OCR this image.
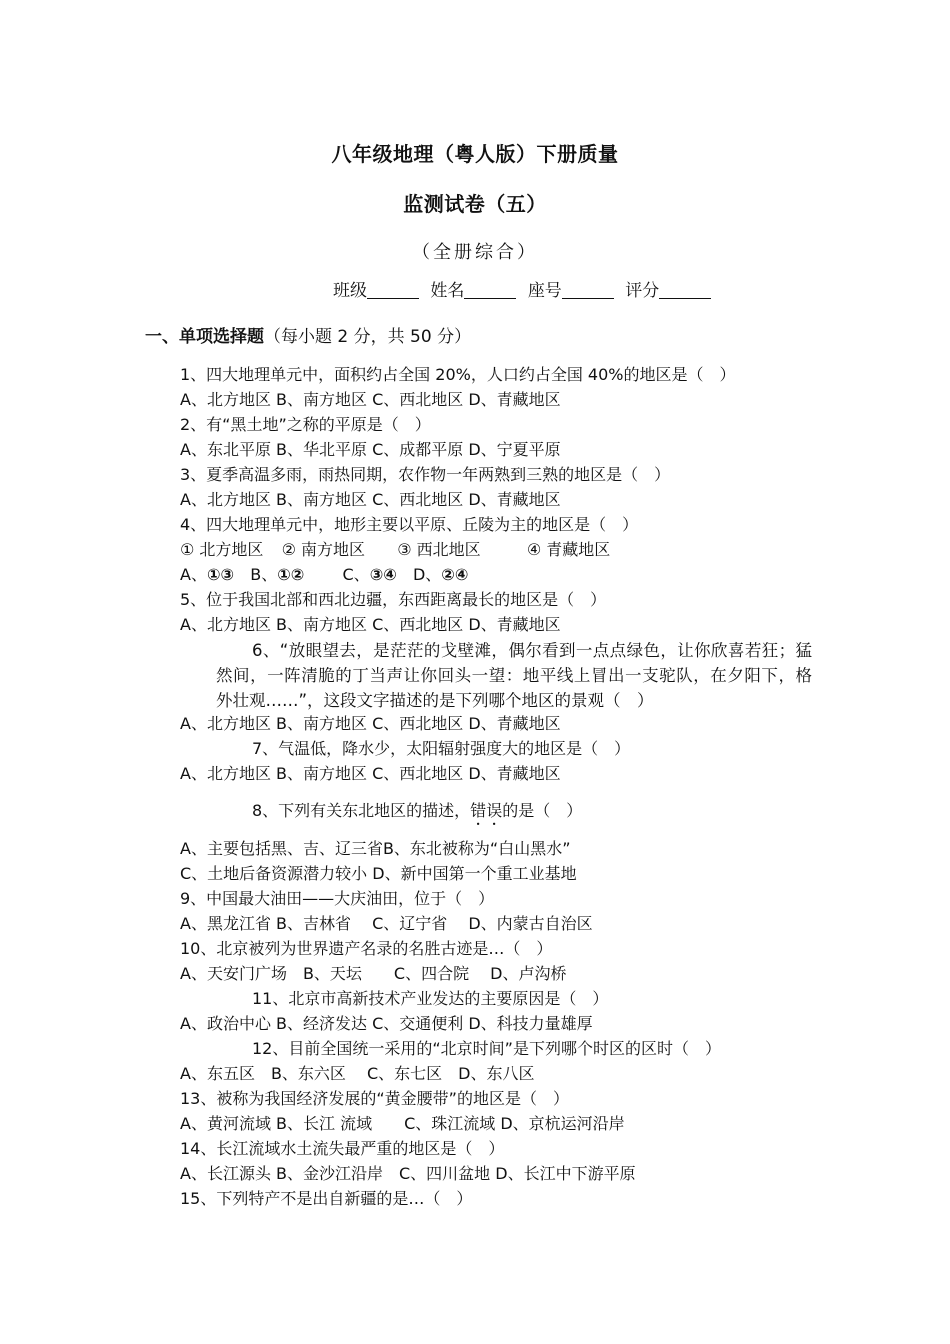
八年级地理（粤人版）下册质量
监测试卷（五）
（全册综合）
班级	姓名	座号	评分
一、单项选择题（每小题 2 分，共 50 分）
1、四大地理单元中，面积约占全国 20%，人口约占全国 40%的地区是（　）
A、北方地区 B、南方地区 C、西北地区 D、青藏地区
2、有“黑土地”之称的平原是（　）
A、东北平原 B、华北平原 C、成都平原 D、宁夏平原
3、夏季高温多雨，雨热同期，农作物一年两熟到三熟的地区是（　）
A、北方地区 B、南方地区 C、西北地区 D、青藏地区
4、四大地理单元中，地形主要以平原、丘陵为主的地区是（　）
① 北方地区 ② 南方地区 ③ 西北地区	④ 青藏地区
A、①③ B、①② C、③④ D、②④
5、位于我国北部和西北边疆，东西距离最长的地区是（　）
A、北方地区 B、南方地区 C、西北地区 D、青藏地区
6、“放眼望去，是茫茫的戈壁滩，偶尔看到一点点绿色，让你欣喜若狂；猛
然间，一阵清脆的丁当声让你回头一望：地平线上冒出一支驼队，在夕阳下，格
外壮观……”，这段文字描述的是下列哪个地区的景观（　）
A、北方地区 B、南方地区 C、西北地区 D、青藏地区
7、气温低，降水少，太阳辐射强度大的地区是（　）
A、北方地区 B、南方地区 C、西北地区 D、青藏地区
8、下列有关东北地区的描述，错误的是（　）
A、主要包括黑、吉、辽三省B、东北被称为“白山黑水”
C、土地后备资源潜力较小 D、新中国第一个重工业基地
9、中国最大油田——大庆油田，位于（　）
A、黑龙江省 B、吉林省　 C、辽宁省　 D、内蒙古自治区
10、北京被列为世界遗产名录的名胜古迹是…（　）
A、天安门广场　B、天坛　　C、四合院　 D、卢沟桥
11、北京市高新技术产业发达的主要原因是（　）
A、政治中心 B、经济发达 C、交通便利 D、科技力量雄厚
12、目前全国统一采用的“北京时间”是下列哪个时区的区时（　）
A、东五区　B、东六区　 C、东七区　D、东八区
13、被称为我国经济发展的“黄金腰带”的地区是（　）
A、黄河流域 B、长江 流域　　C、珠江流域 D、京杭运河沿岸
14、长江流域水土流失最严重的地区是（　）
A、长江源头 B、金沙江沿岸　C、四川盆地 D、长江中下游平原
15、下列特产不是出自新疆的是…（　）
